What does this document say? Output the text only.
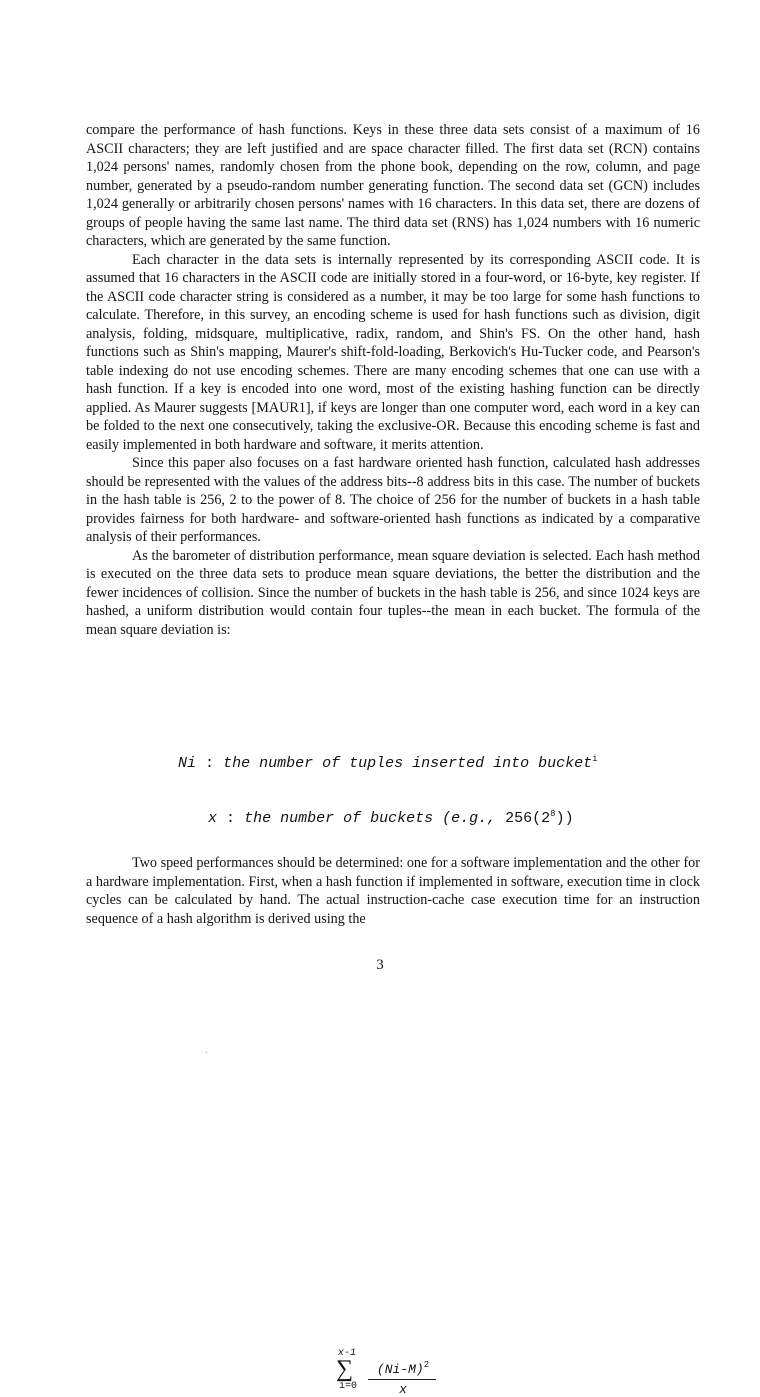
compare the performance of hash functions. Keys in these three data sets consist of a maximum of 16 ASCII characters; they are left justified and are space character filled. The first data set (RCN) contains 1,024 persons' names, randomly chosen from the phone book, depending on the row, column, and page number, generated by a pseudo-random number generating function. The second data set (GCN) includes 1,024 generally or arbitrarily chosen persons' names with 16 characters. In this data set, there are dozens of groups of people having the same last name. The third data set (RNS) has 1,024 numbers with 16 numeric characters, which are generated by the same function.

Each character in the data sets is internally represented by its corresponding ASCII code. It is assumed that 16 characters in the ASCII code are initially stored in a four-word, or 16-byte, key register. If the ASCII code character string is considered as a number, it may be too large for some hash functions to calculate. Therefore, in this survey, an encoding scheme is used for hash functions such as division, digit analysis, folding, midsquare, multiplicative, radix, random, and Shin's FS. On the other hand, hash functions such as Shin's mapping, Maurer's shift-fold-loading, Berkovich's Hu-Tucker code, and Pearson's table indexing do not use encoding schemes. There are many encoding schemes that one can use with a hash function. If a key is encoded into one word, most of the existing hashing function can be directly applied. As Maurer suggests [MAUR1], if keys are longer than one computer word, each word in a key can be folded to the next one consecutively, taking the exclusive-OR. Because this encoding scheme is fast and easily implemented in both hardware and software, it merits attention.

Since this paper also focuses on a fast hardware oriented hash function, calculated hash addresses should be represented with the values of the address bits--8 address bits in this case. The number of buckets in the hash table is 256, 2 to the power of 8. The choice of 256 for the number of buckets in a hash table provides fairness for both hardware- and software-oriented hash functions as indicated by a comparative analysis of their performances.

As the barometer of distribution performance, mean square deviation is selected. Each hash method is executed on the three data sets to produce mean square deviations, the better the distribution and the fewer incidences of collision. Since the number of buckets in the hash table is 256, and since 1024 keys are hashed, a uniform distribution would contain four tuples--the mean in each bucket. The formula of the mean square deviation is:

x-1
∑
i=0
$(Ni-M)^2$
x
Ni : the number of tuples inserted into bucket$^i$
x : the number of buckets (e.g., $256(2^8)$)

Two speed performances should be determined: one for a software implementation and the other for a hardware implementation. First, when a hash function if implemented in software, execution time in clock cycles can be calculated by hand. The actual instruction-cache case execution time for an instruction sequence of a hash algorithm is derived using the

3
